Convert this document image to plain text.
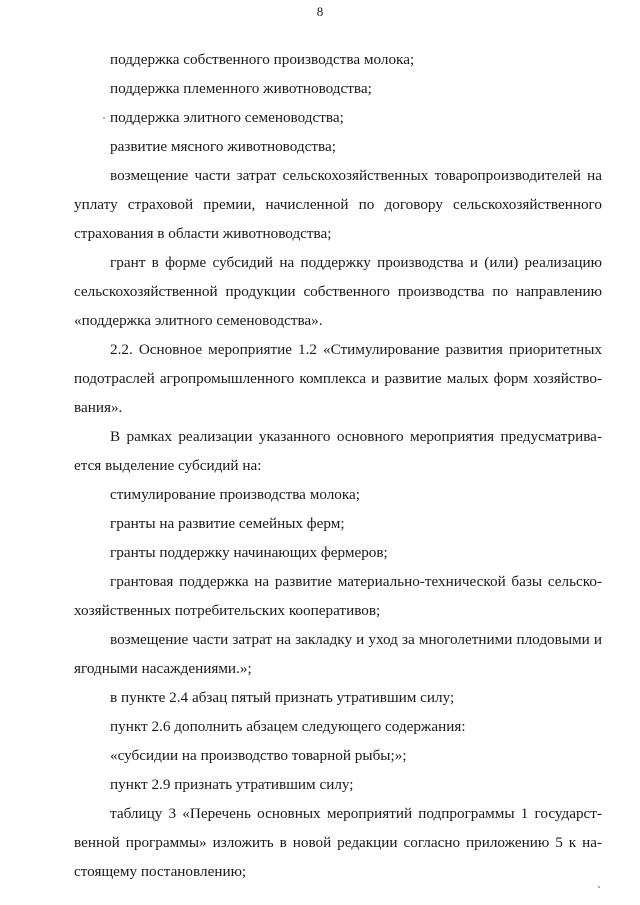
8

поддержка собственного производства молока;

поддержка племенного животноводства;

поддержка элитного семеноводства;

развитие мясного животноводства;

возмещение части затрат сельскохозяйственных товаропроизводителей на уплату страховой премии, начисленной по договору сельскохозяйственного страхования в области животноводства;

грант в форме субсидий на поддержку производства и (или) реализацию сельскохозяйственной продукции собственного производства по направлению «поддержка элитного семеноводства».

2.2. Основное мероприятие 1.2 «Стимулирование развития приоритетных подотраслей агропромышленного комплекса и развитие малых форм хозяйствования».

В рамках реализации указанного основного мероприятия предусматривается выделение субсидий на:

стимулирование производства молока;

гранты на развитие семейных ферм;

гранты поддержку начинающих фермеров;

грантовая поддержка на развитие материально-технической базы сельскохозяйственных потребительских кооперативов;

возмещение части затрат на закладку и уход за многолетними плодовыми и ягодными насаждениями.»;

в пункте 2.4 абзац пятый признать утратившим силу;

пункт 2.6 дополнить абзацем следующего содержания:

«субсидии на производство товарной рыбы;»;

пункт 2.9 признать утратившим силу;

таблицу 3 «Перечень основных мероприятий подпрограммы 1 государственной программы» изложить в новой редакции согласно приложению 5 к настоящему постановлению;
